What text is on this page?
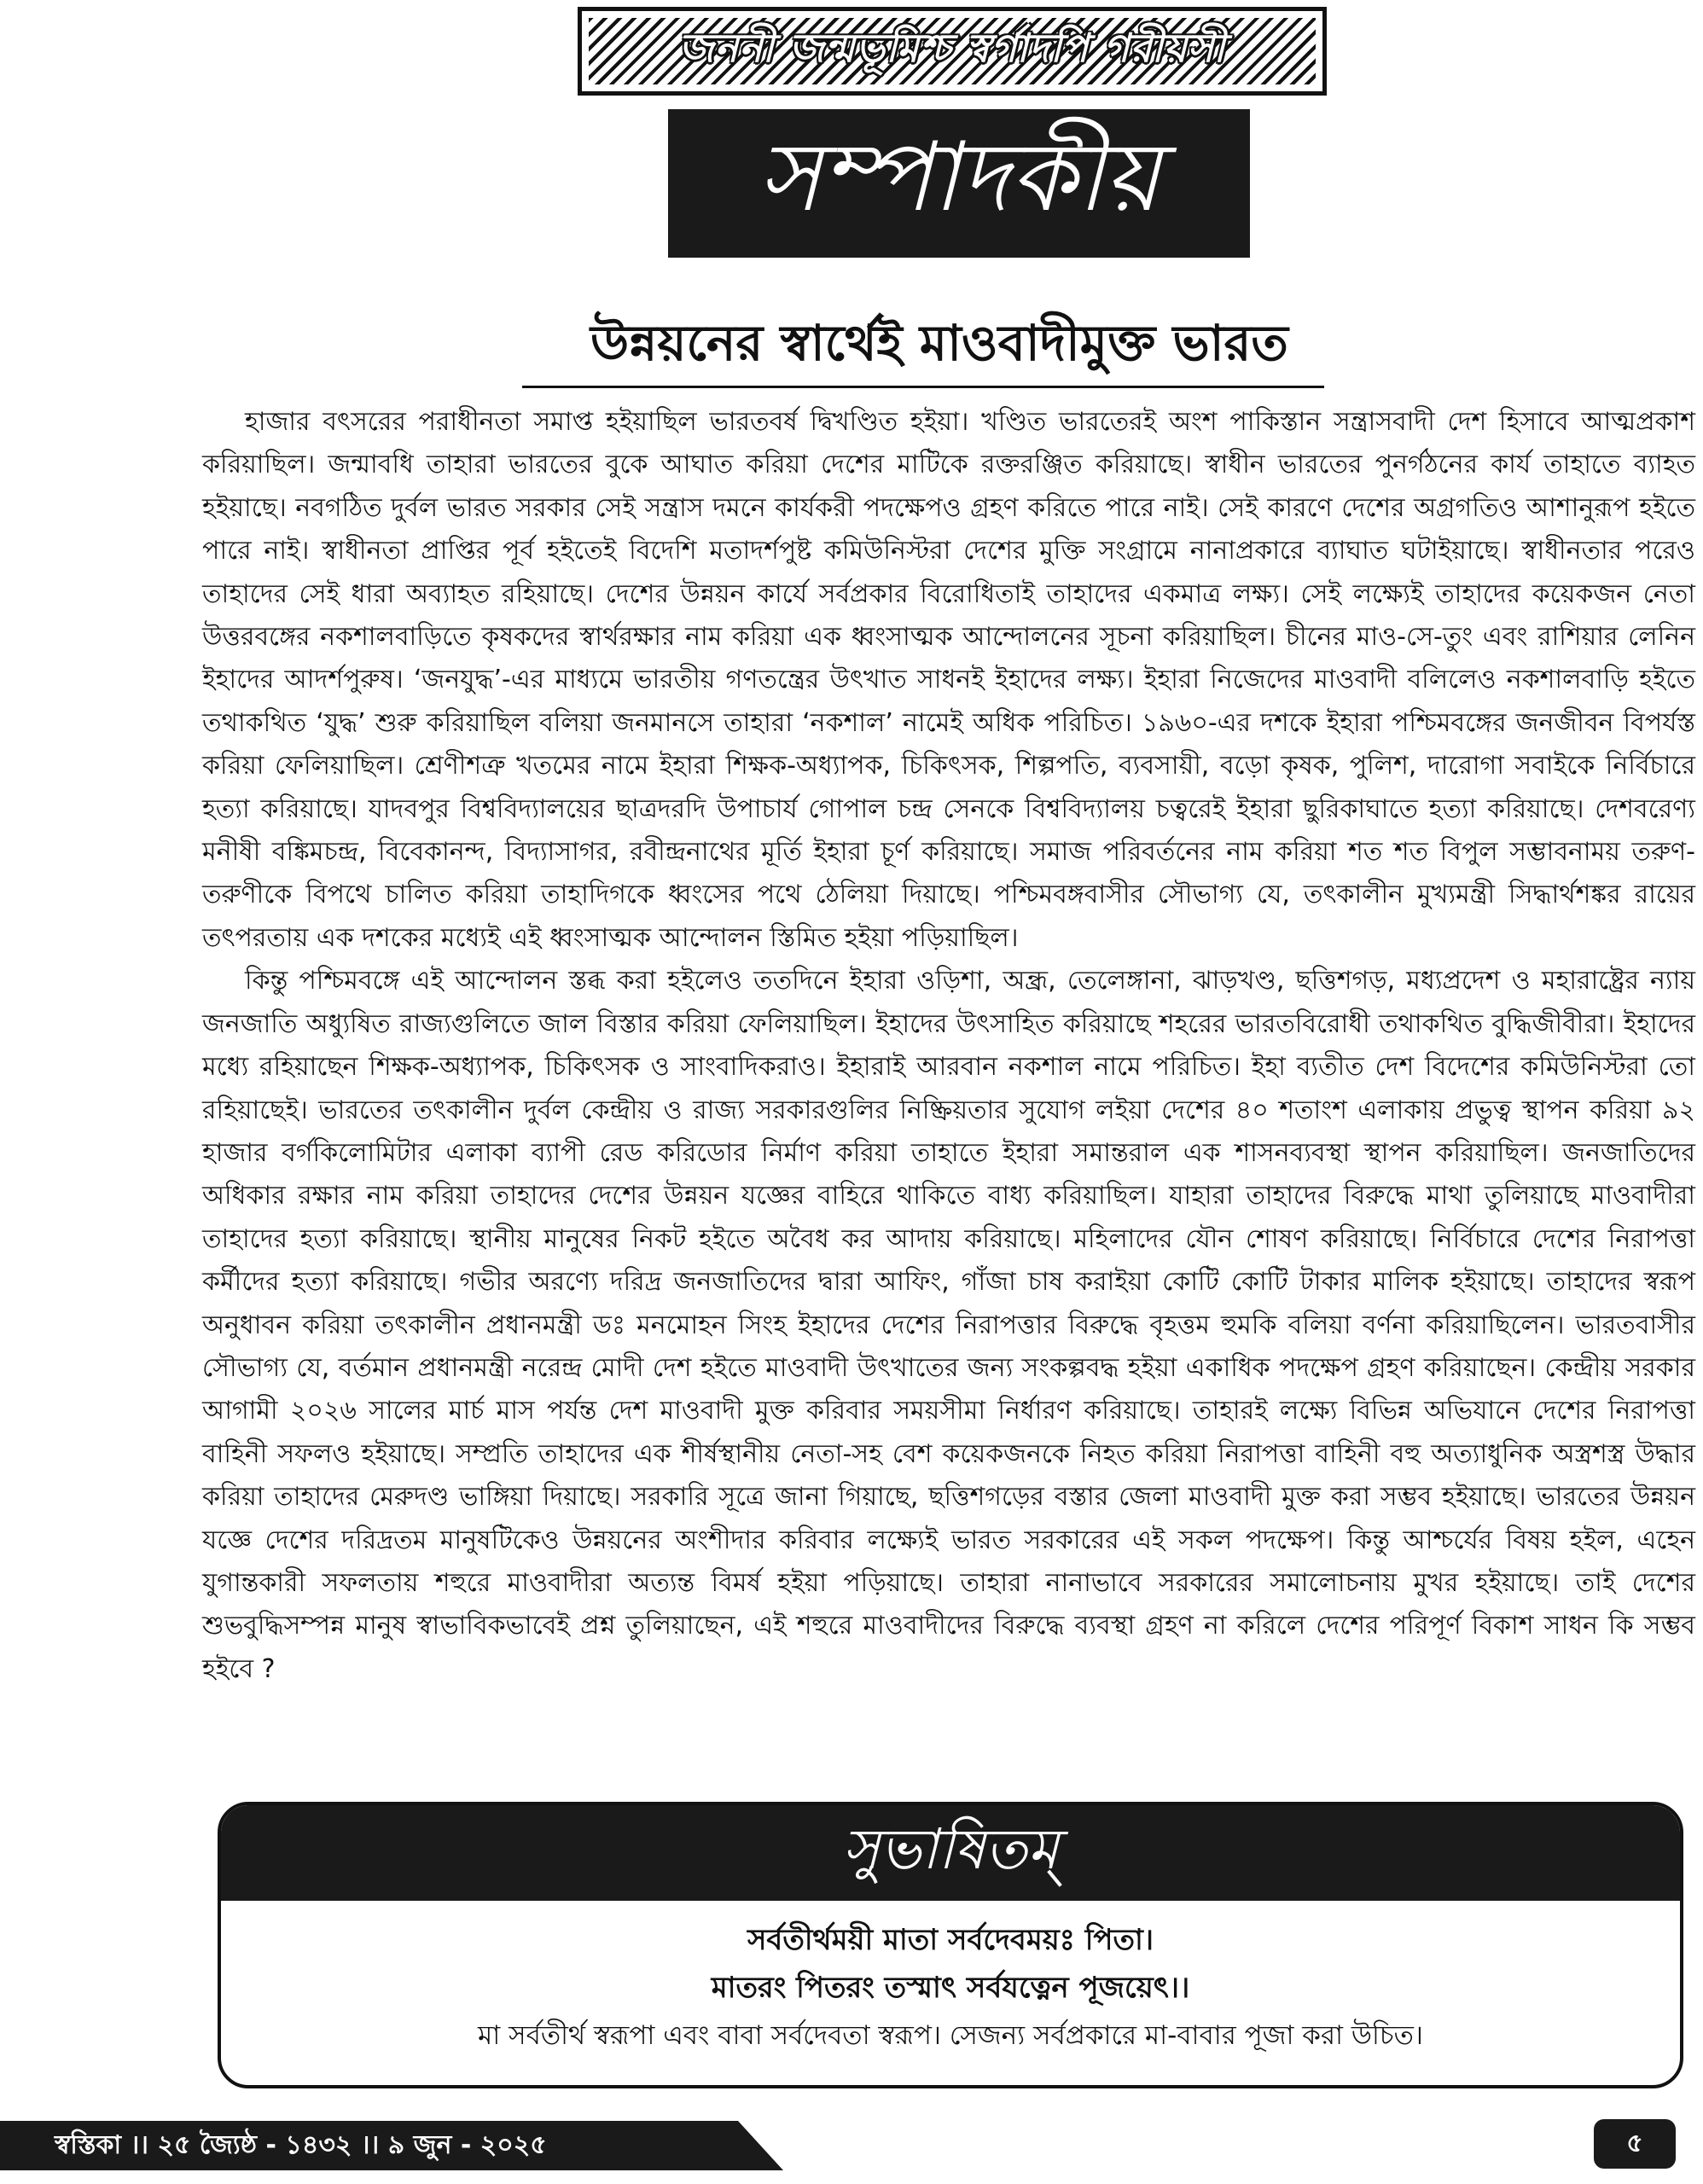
জননী জন্মভূমিশ্চ স্বর্গাদপি গরীয়সী
সম্পাদকীয়
উন্নয়নের স্বার্থেই মাওবাদীমুক্ত ভারত

হাজার বৎসরের পরাধীনতা সমাপ্ত হইয়াছিল ভারতবর্ষ দ্বিখণ্ডিত হইয়া। খণ্ডিত ভারতেরই অংশ পাকিস্তান সন্ত্রাসবাদী দেশ হিসাবে আত্মপ্রকাশ করিয়াছিল। জন্মাবধি তাহারা ভারতের বুকে আঘাত করিয়া দেশের মাটিকে রক্তরঞ্জিত করিয়াছে। স্বাধীন ভারতের পুনর্গঠনের কার্য তাহাতে ব্যাহত হইয়াছে। নবগঠিত দুর্বল ভারত সরকার সেই সন্ত্রাস দমনে কার্যকরী পদক্ষেপও গ্রহণ করিতে পারে নাই। সেই কারণে দেশের অগ্রগতিও আশানুরূপ হইতে পারে নাই। স্বাধীনতা প্রাপ্তির পূর্ব হইতেই বিদেশি মতাদর্শপুষ্ট কমিউনিস্টরা দেশের মুক্তি সংগ্রামে নানাপ্রকারে ব্যাঘাত ঘটাইয়াছে। স্বাধীনতার পরেও তাহাদের সেই ধারা অব্যাহত রহিয়াছে। দেশের উন্নয়ন কার্যে সর্বপ্রকার বিরোধিতাই তাহাদের একমাত্র লক্ষ্য। সেই লক্ষ্যেই তাহাদের কয়েকজন নেতা উত্তরবঙ্গের নকশালবাড়িতে কৃষকদের স্বার্থরক্ষার নাম করিয়া এক ধ্বংসাত্মক আন্দোলনের সূচনা করিয়াছিল। চীনের মাও-সে-তুং এবং রাশিয়ার লেনিন ইহাদের আদর্শপুরুষ। ‘জনযুদ্ধ’-এর মাধ্যমে ভারতীয় গণতন্ত্রের উৎখাত সাধনই ইহাদের লক্ষ্য। ইহারা নিজেদের মাওবাদী বলিলেও নকশালবাড়ি হইতে তথাকথিত ‘যুদ্ধ’ শুরু করিয়াছিল বলিয়া জনমানসে তাহারা ‘নকশাল’ নামেই অধিক পরিচিত। ১৯৬০-এর দশকে ইহারা পশ্চিমবঙ্গের জনজীবন বিপর্যস্ত করিয়া ফেলিয়াছিল। শ্রেণীশত্রু খতমের নামে ইহারা শিক্ষক-অধ্যাপক, চিকিৎসক, শিল্পপতি, ব্যবসায়ী, বড়ো কৃষক, পুলিশ, দারোগা সবাইকে নির্বিচারে হত্যা করিয়াছে। যাদবপুর বিশ্ববিদ্যালয়ের ছাত্রদরদি উপাচার্য গোপাল চন্দ্র সেনকে বিশ্ববিদ্যালয় চত্বরেই ইহারা ছুরিকাঘাতে হত্যা করিয়াছে। দেশবরেণ্য মনীষী বঙ্কিমচন্দ্র, বিবেকানন্দ, বিদ্যাসাগর, রবীন্দ্রনাথের মূর্তি ইহারা চূর্ণ করিয়াছে। সমাজ পরিবর্তনের নাম করিয়া শত শত বিপুল সম্ভাবনাময় তরুণ-তরুণীকে বিপথে চালিত করিয়া তাহাদিগকে ধ্বংসের পথে ঠেলিয়া দিয়াছে। পশ্চিমবঙ্গবাসীর সৌভাগ্য যে, তৎকালীন মুখ্যমন্ত্রী সিদ্ধার্থশঙ্কর রায়ের তৎপরতায় এক দশকের মধ্যেই এই ধ্বংসাত্মক আন্দোলন স্তিমিত হইয়া পড়িয়াছিল।

কিন্তু পশ্চিমবঙ্গে এই আন্দোলন স্তব্ধ করা হইলেও ততদিনে ইহারা ওড়িশা, অন্ধ্র, তেলেঙ্গানা, ঝাড়খণ্ড, ছত্তিশগড়, মধ্যপ্রদেশ ও মহারাষ্ট্রের ন্যায় জনজাতি অধ্যুষিত রাজ্যগুলিতে জাল বিস্তার করিয়া ফেলিয়াছিল। ইহাদের উৎসাহিত করিয়াছে শহরের ভারতবিরোধী তথাকথিত বুদ্ধিজীবীরা। ইহাদের মধ্যে রহিয়াছেন শিক্ষক-অধ্যাপক, চিকিৎসক ও সাংবাদিকরাও। ইহারাই আরবান নকশাল নামে পরিচিত। ইহা ব্যতীত দেশ বিদেশের কমিউনিস্টরা তো রহিয়াছেই। ভারতের তৎকালীন দুর্বল কেন্দ্রীয় ও রাজ্য সরকারগুলির নিষ্ক্রিয়তার সুযোগ লইয়া দেশের ৪০ শতাংশ এলাকায় প্রভুত্ব স্থাপন করিয়া ৯২ হাজার বর্গকিলোমিটার এলাকা ব্যাপী রেড করিডোর নির্মাণ করিয়া তাহাতে ইহারা সমান্তরাল এক শাসনব্যবস্থা স্থাপন করিয়াছিল। জনজাতিদের অধিকার রক্ষার নাম করিয়া তাহাদের দেশের উন্নয়ন যজ্ঞের বাহিরে থাকিতে বাধ্য করিয়াছিল। যাহারা তাহাদের বিরুদ্ধে মাথা তুলিয়াছে মাওবাদীরা তাহাদের হত্যা করিয়াছে। স্থানীয় মানুষের নিকট হইতে অবৈধ কর আদায় করিয়াছে। মহিলাদের যৌন শোষণ করিয়াছে। নির্বিচারে দেশের নিরাপত্তা কর্মীদের হত্যা করিয়াছে। গভীর অরণ্যে দরিদ্র জনজাতিদের দ্বারা আফিং, গাঁজা চাষ করাইয়া কোটি কোটি টাকার মালিক হইয়াছে। তাহাদের স্বরূপ অনুধাবন করিয়া তৎকালীন প্রধানমন্ত্রী ডঃ মনমোহন সিংহ ইহাদের দেশের নিরাপত্তার বিরুদ্ধে বৃহত্তম হুমকি বলিয়া বর্ণনা করিয়াছিলেন। ভারতবাসীর সৌভাগ্য যে, বর্তমান প্রধানমন্ত্রী নরেন্দ্র মোদী দেশ হইতে মাওবাদী উৎখাতের জন্য সংকল্পবদ্ধ হইয়া একাধিক পদক্ষেপ গ্রহণ করিয়াছেন। কেন্দ্রীয় সরকার আগামী ২০২৬ সালের মার্চ মাস পর্যন্ত দেশ মাওবাদী মুক্ত করিবার সময়সীমা নির্ধারণ করিয়াছে। তাহারই লক্ষ্যে বিভিন্ন অভিযানে দেশের নিরাপত্তা বাহিনী সফলও হইয়াছে। সম্প্রতি তাহাদের এক শীর্ষস্থানীয় নেতা-সহ বেশ কয়েকজনকে নিহত করিয়া নিরাপত্তা বাহিনী বহু অত্যাধুনিক অস্ত্রশস্ত্র উদ্ধার করিয়া তাহাদের মেরুদণ্ড ভাঙ্গিয়া দিয়াছে। সরকারি সূত্রে জানা গিয়াছে, ছত্তিশগড়ের বস্তার জেলা মাওবাদী মুক্ত করা সম্ভব হইয়াছে। ভারতের উন্নয়ন যজ্ঞে দেশের দরিদ্রতম মানুষটিকেও উন্নয়নের অংশীদার করিবার লক্ষ্যেই ভারত সরকারের এই সকল পদক্ষেপ। কিন্তু আশ্চর্যের বিষয় হইল, এহেন যুগান্তকারী সফলতায় শহুরে মাওবাদীরা অত্যন্ত বিমর্ষ হইয়া পড়িয়াছে। তাহারা নানাভাবে সরকারের সমালোচনায় মুখর হইয়াছে। তাই দেশের শুভবুদ্ধিসম্পন্ন মানুষ স্বাভাবিকভাবেই প্রশ্ন তুলিয়াছেন, এই শহুরে মাওবাদীদের বিরুদ্ধে ব্যবস্থা গ্রহণ না করিলে দেশের পরিপূর্ণ বিকাশ সাধন কি সম্ভব হইবে ?

সুভাষিতম্
সর্বতীর্থময়ী মাতা সর্বদেবময়ঃ পিতা।
মাতরং পিতরং তস্মাৎ সর্বযত্নেন পূজয়েৎ।।
মা সর্বতীর্থ স্বরূপা এবং বাবা সর্বদেবতা স্বরূপ। সেজন্য সর্বপ্রকারে মা-বাবার পূজা করা উচিত।
স্বস্তিকা ।। ২৫ জ্যৈষ্ঠ - ১৪৩২ ।। ৯ জুন - ২০২৫	৫
